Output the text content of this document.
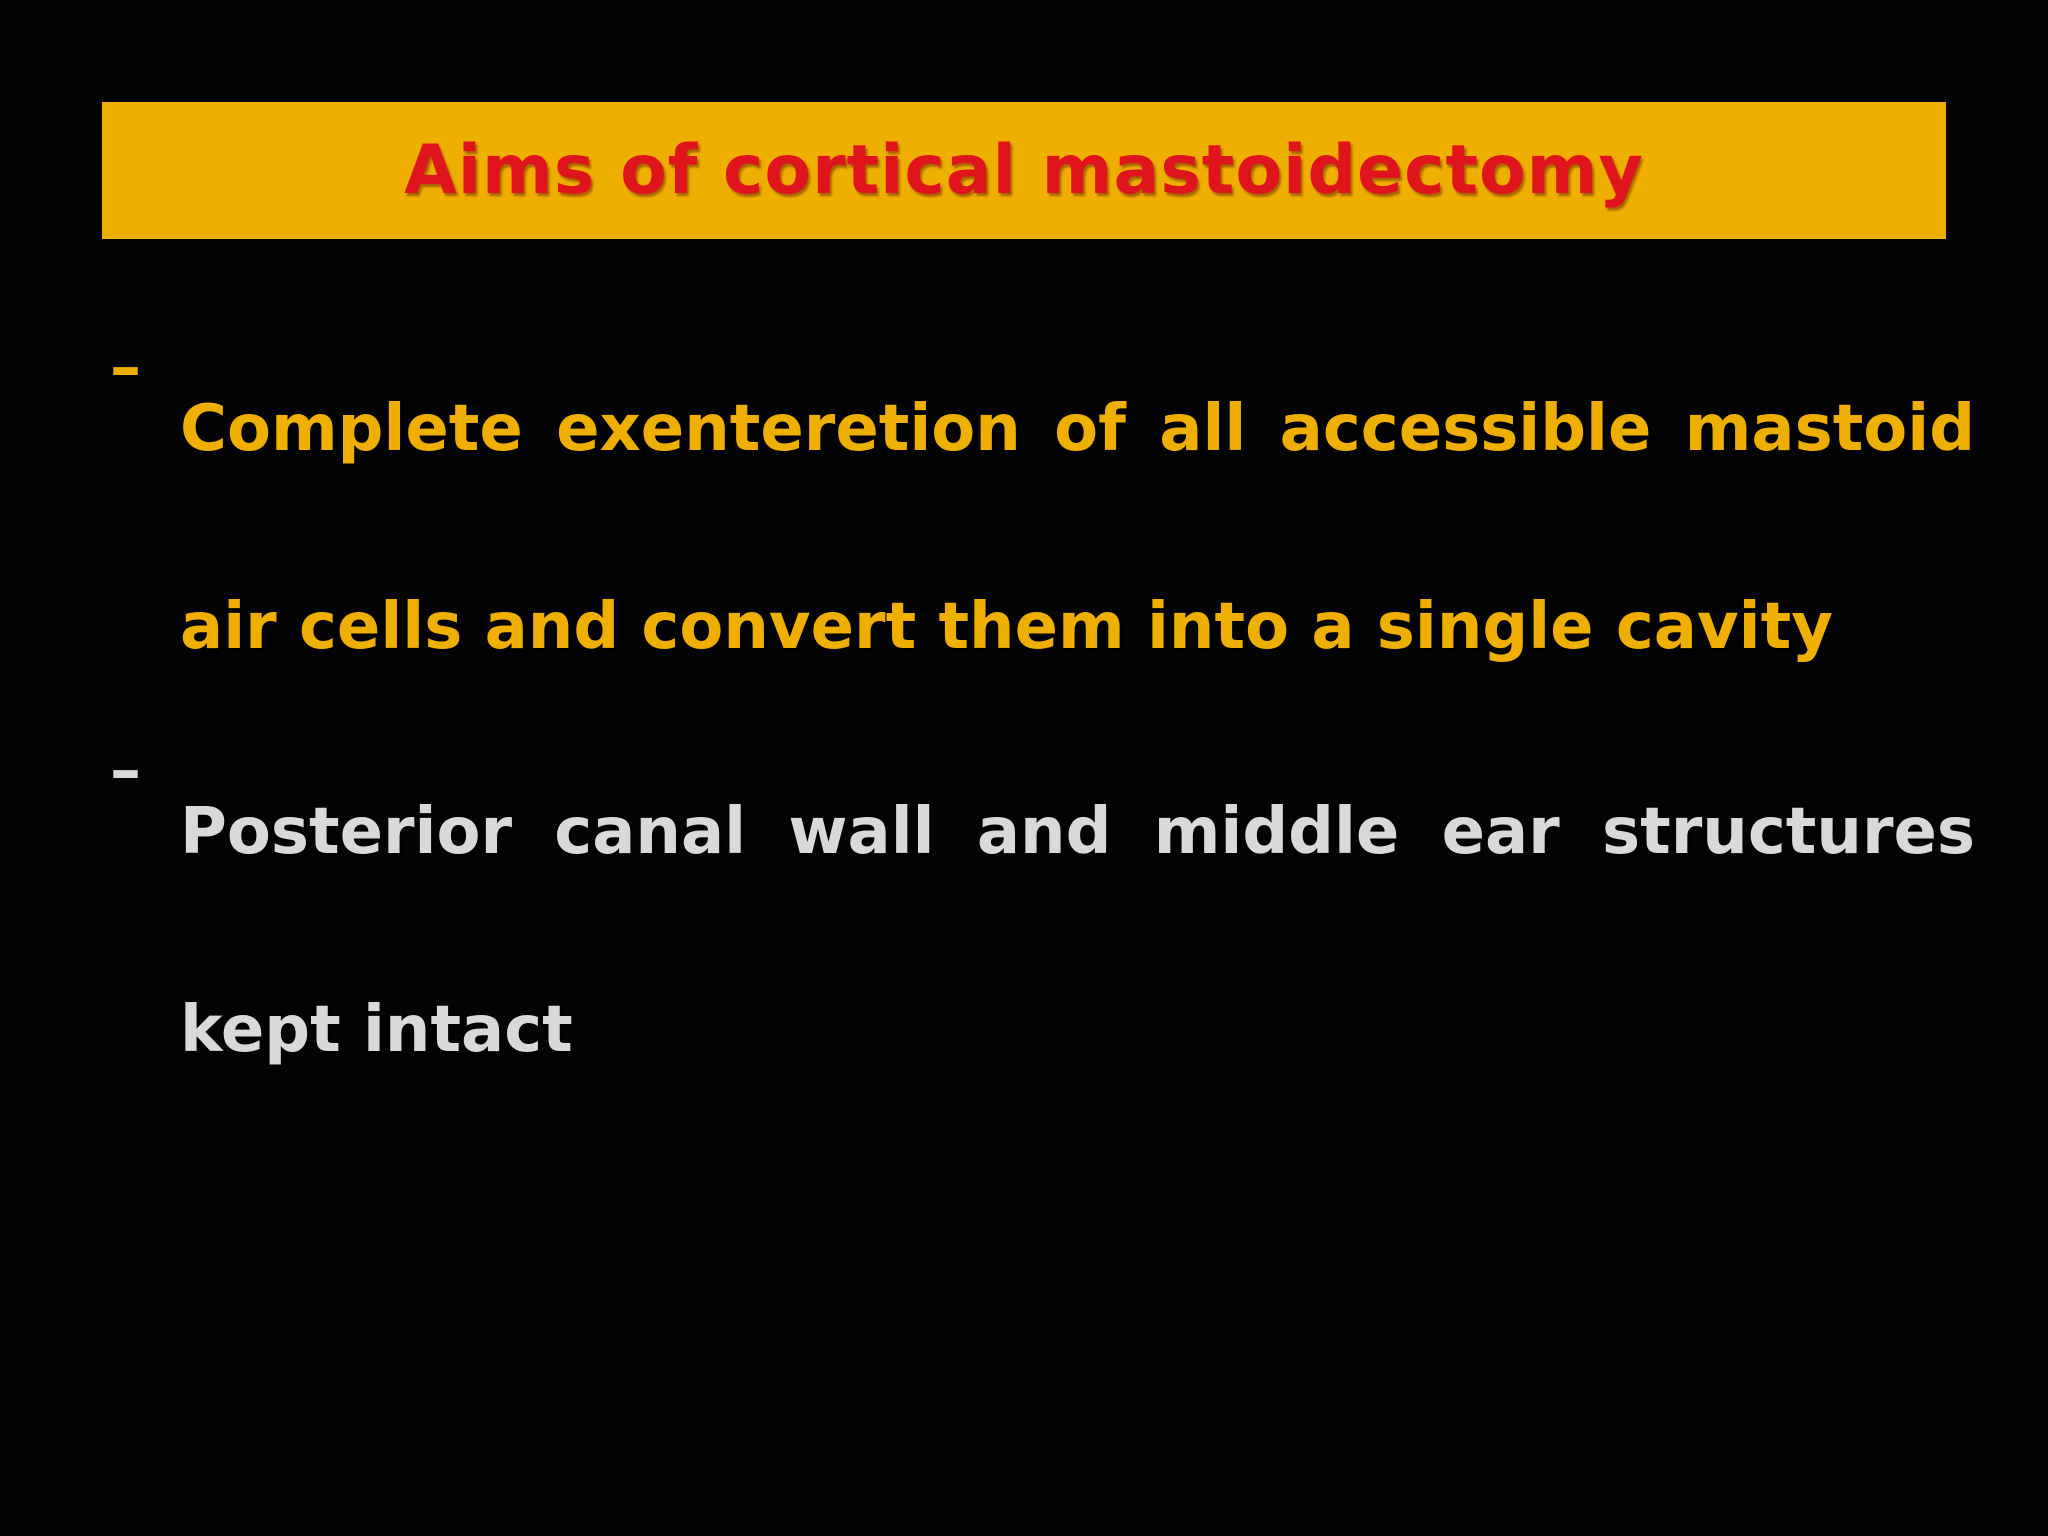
Aims of cortical mastoidectomy
–
Complete exentereti​on of all accessible mastoid air cells and convert them into a single cavity
–
Posterior canal wall and middle ear structures kept intact
